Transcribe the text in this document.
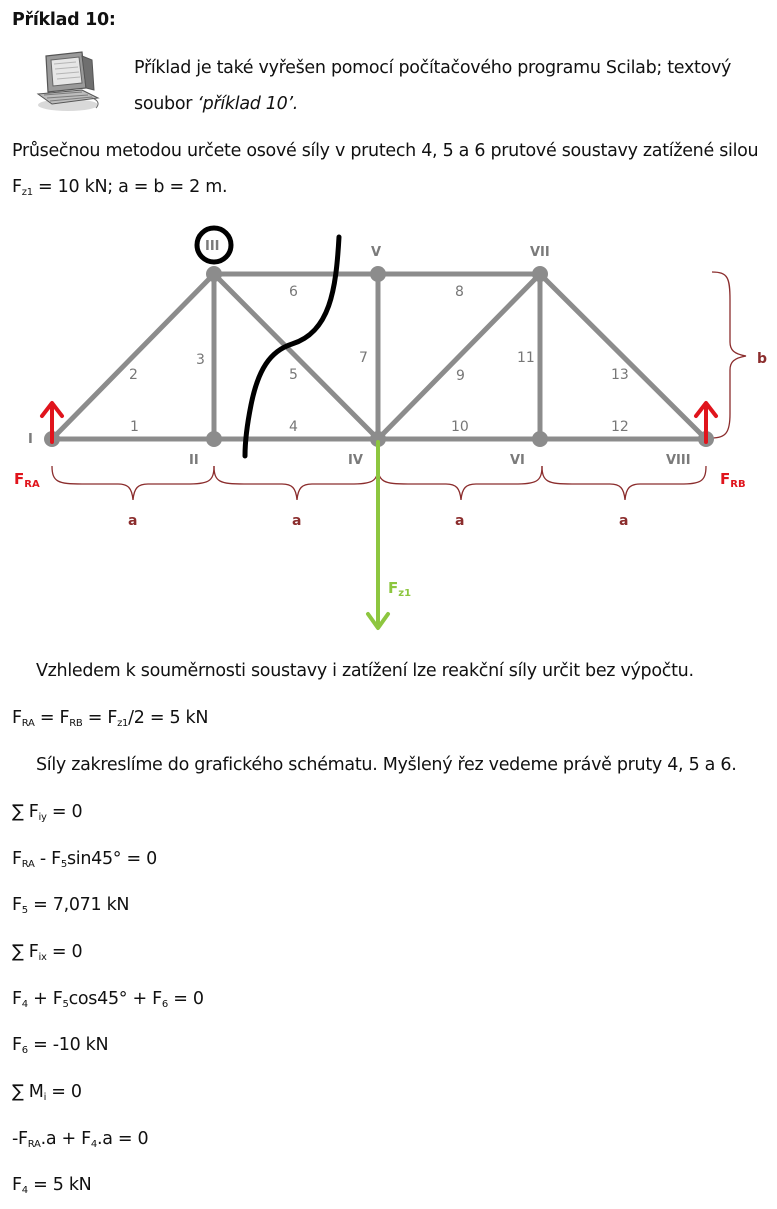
Příklad 10:
Příklad je také vyřešen pomocí počítačového programu Scilab; textový
soubor ‘příklad 10’.
Průsečnou metodou určete osové síly v prutech 4, 5 a 6 prutové soustavy zatížené silou
$F_{z1} = 10$ kN; a = b = 2 m.
I
II
III
IV
V
VI
VII
VIII
1
2
3
4
5
6
7
8
9
10
11
12
13
a	a	a	a
b
$F_{RA}$	$F_{RB}$
$F_{z1}$
Vzhledem k souměrnosti soustavy i zatížení lze reakční síly určit bez výpočtu.
$F_{RA} = F_{RB} = F_{z1}/2 = 5$ kN
Síly zakreslíme do grafického schématu. Myšlený řez vedeme právě pruty 4, 5 a 6.
∑ $F_{iy} = 0$
$F_{RA} - F_5\sin 45^\circ = 0$
$F_5 = 7,071$ kN
∑ $F_{ix} = 0$
$F_4 + F_5\cos 45^\circ + F_6 = 0$
$F_6 = -10$ kN
∑ $M_i = 0$
$-F_{RA}.a + F_4.a = 0$
$F_4 = 5$ kN
